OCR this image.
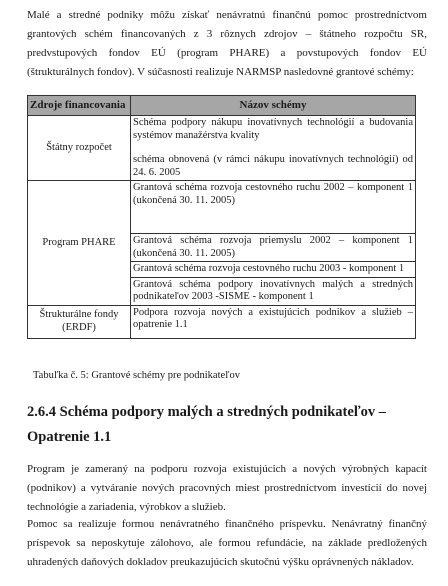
Malé a stredné podniky môžu získať nenávratnú finančnú pomoc prostredníctvom grantových schém financovaných z 3 rôznych zdrojov – štátneho rozpočtu SR, predvstupových fondov EÚ (program PHARE) a povstupových fondov EÚ (štrukturálnych fondov). V súčasnosti realizuje NARMSP nasledovné grantové schémy:

Zdroje financovania	Názov schémy
Štátny rozpočet	Schéma podpory nákupu inovatívnych technológií a budovania systémov manažérstva kvality
schéma obnovená (v rámci nákupu inovatívnych technológií) od 24. 6. 2005
Program PHARE	Grantová schéma rozvoja cestovného ruchu 2002 – komponent 1 (ukončená 30. 11. 2005)
	Grantová schéma rozvoja priemyslu 2002 – komponent 1 (ukončená 30. 11. 2005)
	Grantová schéma rozvoja cestovného ruchu 2003 - komponent 1
	Grantová schéma podpory inovatívnych malých a stredných podnikateľov 2003 -SISME - komponent 1
Štrukturálne fondy (ERDF)	Podpora rozvoja nových a existujúcich podnikov a služieb – opatrenie 1.1
Tabuľka č. 5: Grantové schémy pre podnikateľov
2.6.4 Schéma podpory malých a stredných podnikateľov – Opatrenie 1.1

Program je zameraný na podporu rozvoja existujúcich a nových výrobných kapacít (podnikov) a vytváranie nových pracovných miest prostredníctvom investícií do novej technológie a zariadenia, výrobkov a služieb.

Pomoc sa realizuje formou nenávratného finančného príspevku. Nenávratný finančný príspevok sa neposkytuje zálohovo, ale formou refundácie, na základe predložených uhradených daňových dokladov preukazujúcich skutočnú výšku oprávnených nákladov.
